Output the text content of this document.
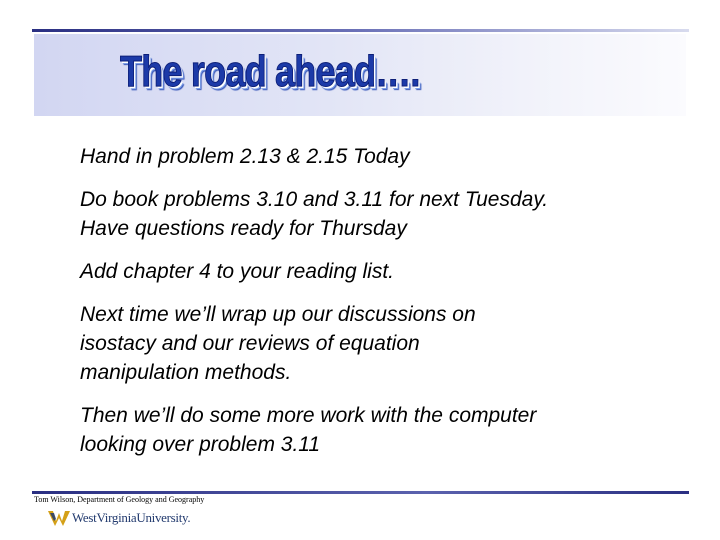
The road ahead….
Hand in problem 2.13 & 2.15 Today
Do book problems 3.10 and 3.11 for next Tuesday.
Have questions ready for Thursday
Add chapter 4 to your reading list.
Next time we’ll wrap up our discussions on
isostacy and our reviews of equation
manipulation methods.
Then we’ll do some more work with the computer
looking over problem 3.11
Tom Wilson, Department of Geology and Geography
WestVirginiaUniversity.
